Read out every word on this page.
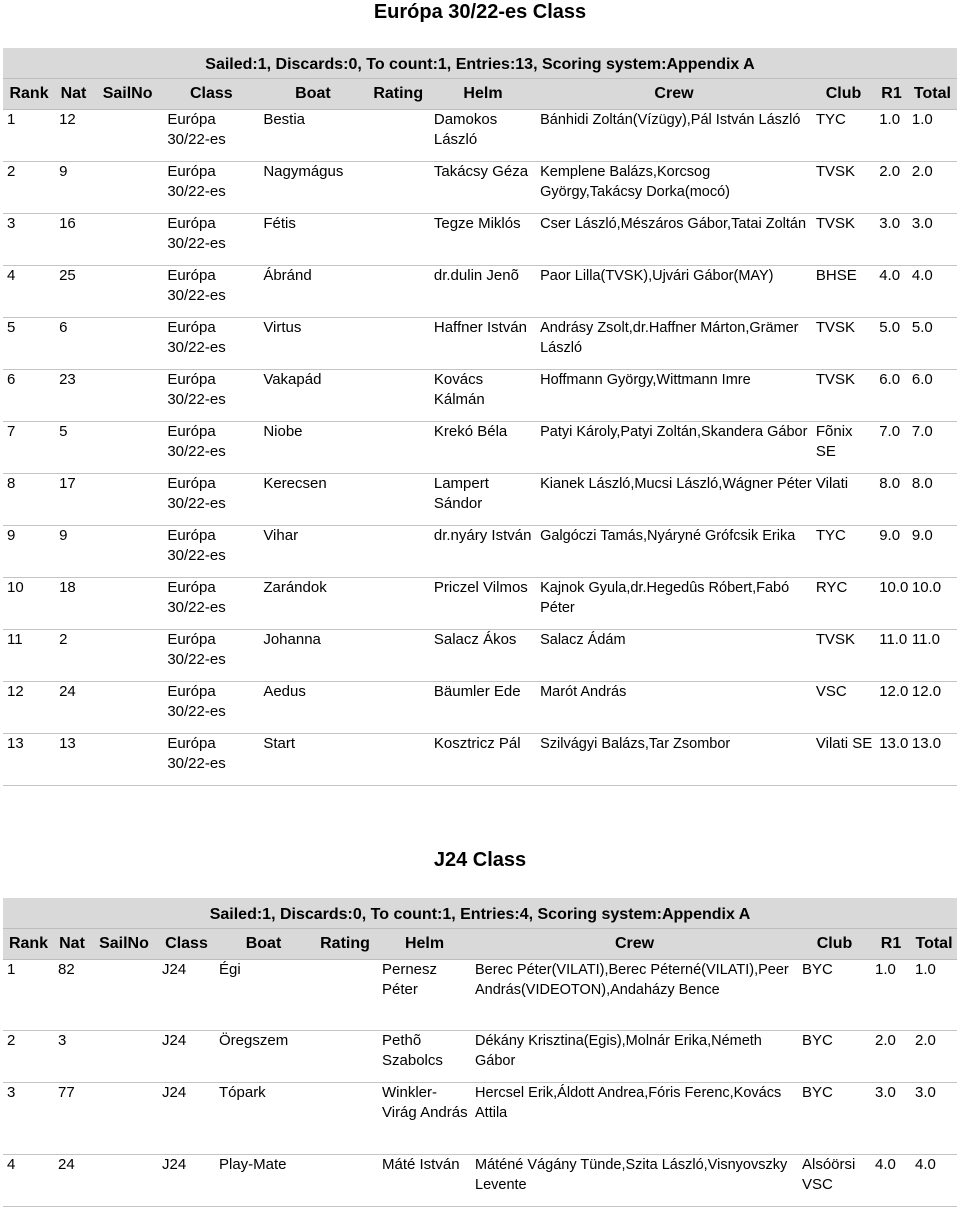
Európa 30/22-es Class
Sailed:1, Discards:0, To count:1, Entries:13, Scoring system:Appendix A
Rank	Nat	SailNo	Class	Boat	Rating	Helm	Crew	Club	R1	Total
1	12		Európa 30/22-es	Bestia		Damokos László	Bánhidi Zoltán(Vízügy),Pál István László	TYC	1.0	1.0
2	9		Európa 30/22-es	Nagymágus		Takácsy Géza	Kemplene Balázs,Korcsog György,Takácsy Dorka(mocó)	TVSK	2.0	2.0
3	16		Európa 30/22-es	Fétis		Tegze Miklós	Cser László,Mészáros Gábor,Tatai Zoltán	TVSK	3.0	3.0
4	25		Európa 30/22-es	Ábránd		dr.dulin Jenõ	Paor Lilla(TVSK),Ujvári Gábor(MAY)	BHSE	4.0	4.0
5	6		Európa 30/22-es	Virtus		Haffner István	Andrásy Zsolt,dr.Haffner Márton,Grämer László	TVSK	5.0	5.0
6	23		Európa 30/22-es	Vakapád		Kovács Kálmán	Hoffmann György,Wittmann Imre	TVSK	6.0	6.0
7	5		Európa 30/22-es	Niobe		Krekó Béla	Patyi Károly,Patyi Zoltán,Skandera Gábor	Fõnix SE	7.0	7.0
8	17		Európa 30/22-es	Kerecsen		Lampert Sándor	Kianek László,Mucsi László,Wágner Péter	Vilati	8.0	8.0
9	9		Európa 30/22-es	Vihar		dr.nyáry István	Galgóczi Tamás,Nyáryné Grófcsik Erika	TYC	9.0	9.0
10	18		Európa 30/22-es	Zarándok		Priczel Vilmos	Kajnok Gyula,dr.Hegedûs Róbert,Fabó Péter	RYC	10.0	10.0
11	2		Európa 30/22-es	Johanna		Salacz Ákos	Salacz Ádám	TVSK	11.0	11.0
12	24		Európa 30/22-es	Aedus		Bäumler Ede	Marót András	VSC	12.0	12.0
13	13		Európa 30/22-es	Start		Kosztricz Pál	Szilvágyi Balázs,Tar Zsombor	Vilati SE	13.0	13.0
J24 Class
Sailed:1, Discards:0, To count:1, Entries:4, Scoring system:Appendix A
Rank	Nat	SailNo	Class	Boat	Rating	Helm	Crew	Club	R1	Total
1	82		J24	Égi		Pernesz Péter	Berec Péter(VILATI),Berec Péterné(VILATI),Peer András(VIDEOTON),Andaházy Bence	BYC	1.0	1.0
2	3		J24	Öregszem		Pethõ Szabolcs	Dékány Krisztina(Egis),Molnár Erika,Németh Gábor	BYC	2.0	2.0
3	77		J24	Tópark		Winkler-Virág András	Hercsel Erik,Áldott Andrea,Fóris Ferenc,Kovács Attila	BYC	3.0	3.0
4	24		J24	Play-Mate		Máté István	Máténé Vágány Tünde,Szita László,Visnyovszky Levente	Alsóörsi VSC	4.0	4.0
